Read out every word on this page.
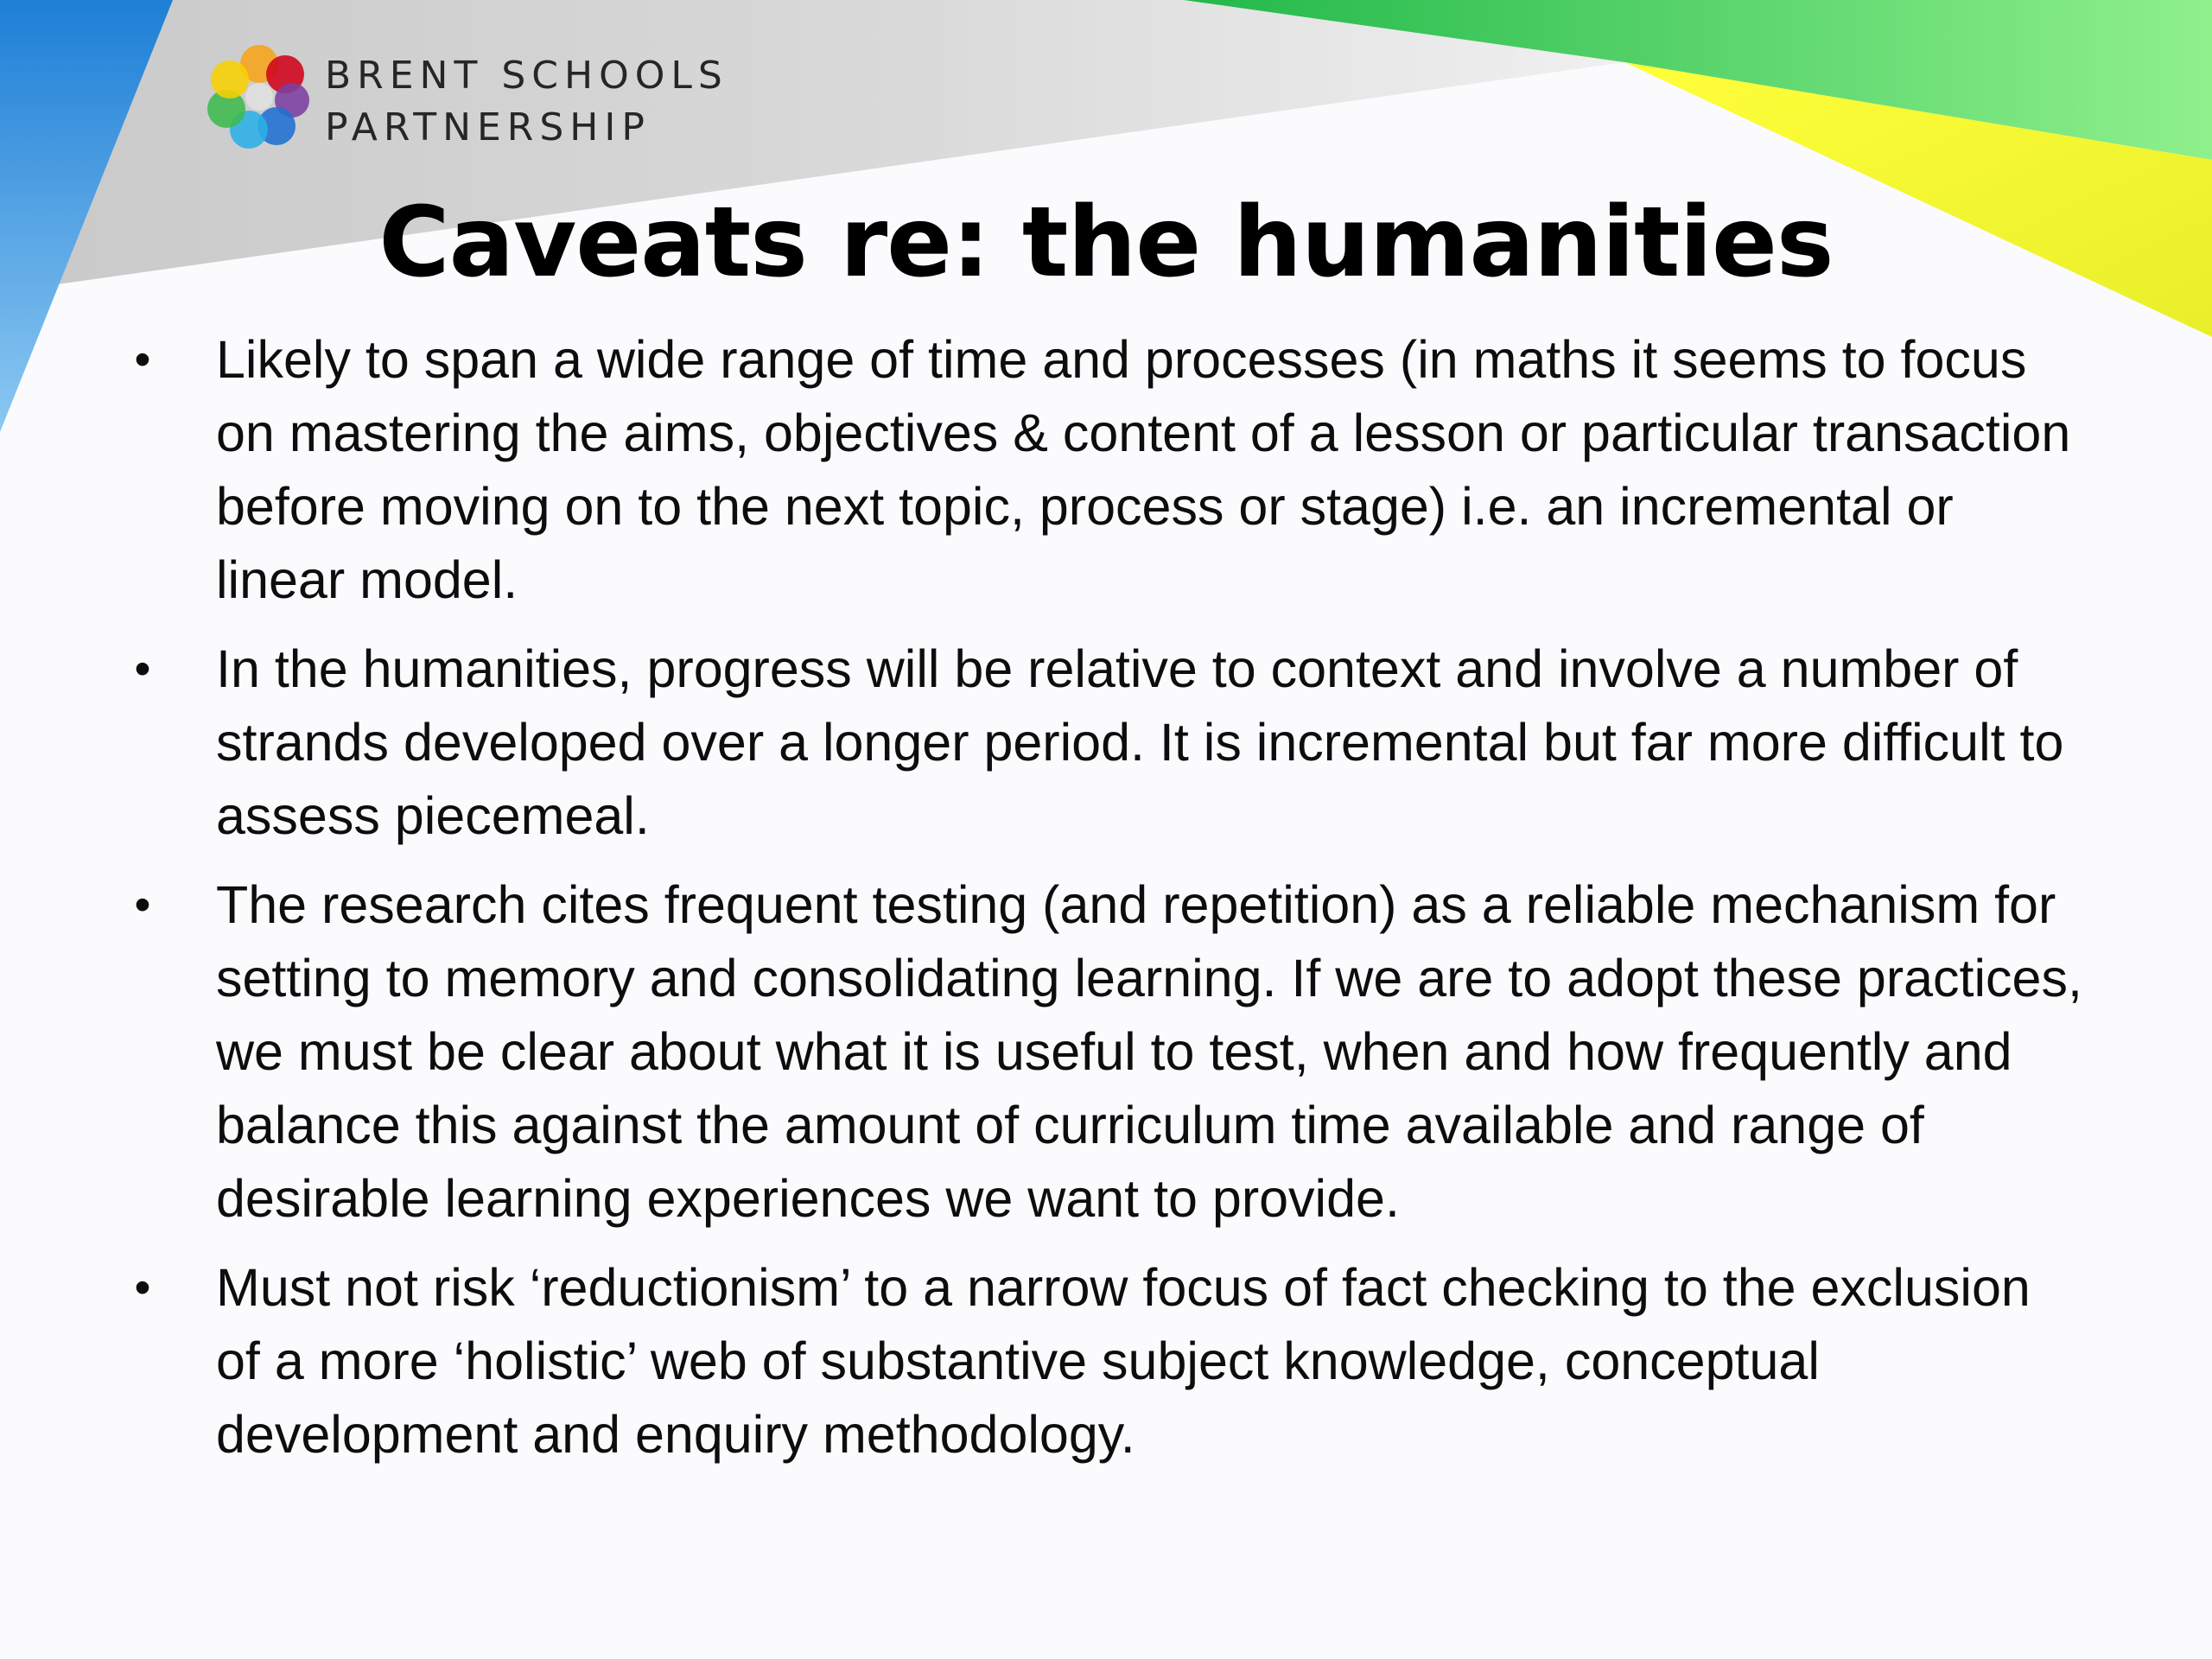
BRENT SCHOOLS
PARTNERSHIP
Caveats re: the humanities
• Likely to span a wide range of time and processes (in maths it seems to focus on mastering the aims, objectives & content of a lesson or particular transaction before moving on to the next topic, process or stage) i.e. an incremental or linear model.
• In the humanities, progress will be relative to context and involve a number of strands developed over a longer period. It is incremental but far more difficult to assess piecemeal.
• The research cites frequent testing (and repetition) as a reliable mechanism for setting to memory and consolidating learning. If we are to adopt these practices, we must be clear about what it is useful to test, when and how frequently and balance this against the amount of curriculum time available and range of desirable learning experiences we want to provide.
• Must not risk ‘reductionism’ to a narrow focus of fact checking to the exclusion of a more ‘holistic’ web of substantive subject knowledge, conceptual development and enquiry methodology.
